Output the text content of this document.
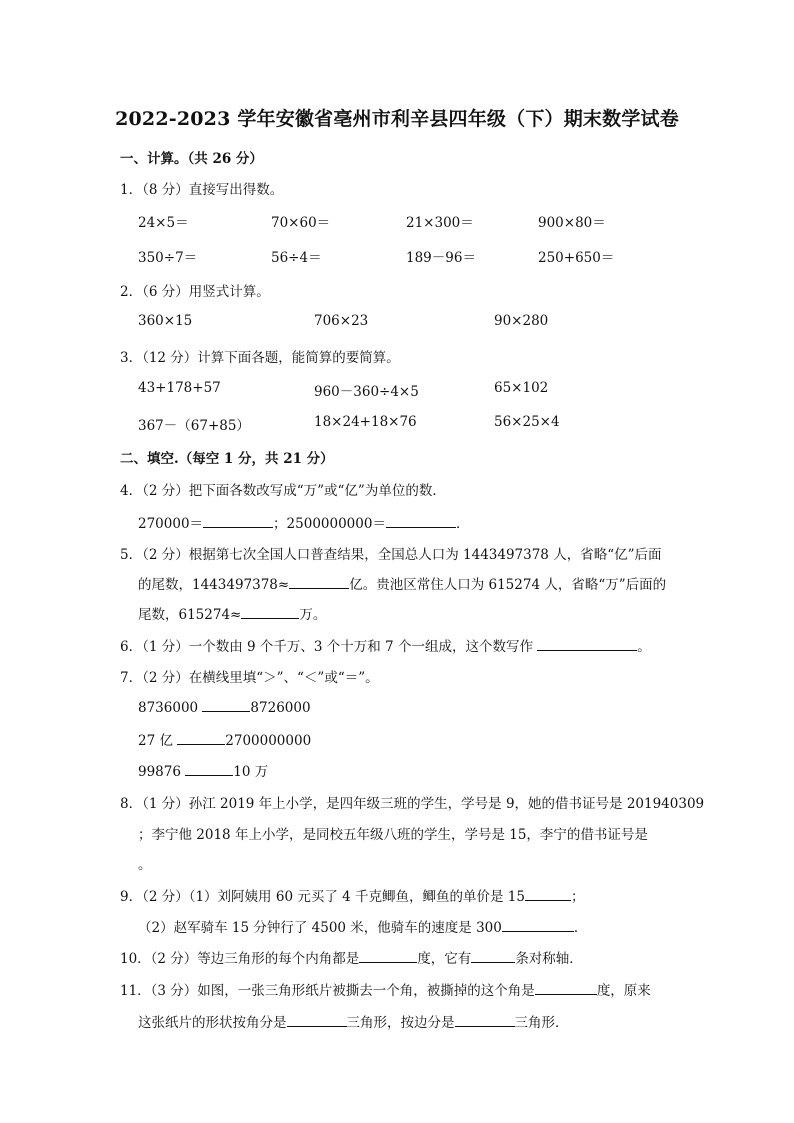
2022-2023 学年安徽省亳州市利辛县四年级（下）期末数学试卷
一、计算。（共 26 分）
1．（8 分）直接写出得数。
24×5＝	70×60＝	21×300＝	900×80＝
350÷7＝	56÷4＝	189－96＝	250+650＝
2．（6 分）用竖式计算。
360×15	706×23	90×280
3．（12 分）计算下面各题，能简算的要简算。
43+178+57	960－360÷4×5	65×102
367－（67+85）	18×24+18×76	56×25×4
二、填空.（每空 1 分，共 21 分）
4．（2 分）把下面各数改写成“万”或“亿”为单位的数．
270000＝	；2500000000＝	．
5．（2 分）根据第七次全国人口普查结果，全国总人口为 1443497378 人，省略“亿”后面
的尾数，1443497378≈	亿。贵池区常住人口为 615274 人，省略“万”后面的
尾数，615274≈	万。
6．（1 分）一个数由 9 个千万、3 个十万和 7 个一组成，这个数写作	。
7．（2 分）在横线里填“＞”、“＜”或“＝”。
8736000	8726000
27 亿	2700000000
99876	10 万
8．（1 分）孙江 2019 年上小学，是四年级三班的学生，学号是 9，她的借书证号是 201940309
；李宁他 2018 年上小学，是同校五年级八班的学生，学号是 15，李宁的借书证号是
。
9．（2 分）（1）刘阿姨用 60 元买了 4 千克鲫鱼，鲫鱼的单价是 15	；
（2）赵军骑车 15 分钟行了 4500 米，他骑车的速度是 300	．
10．（2 分）等边三角形的每个内角都是	度，它有	条对称轴．
11．（3 分）如图，一张三角形纸片被撕去一个角，被撕掉的这个角是	度，原来
这张纸片的形状按角分是	三角形，按边分是	三角形．
